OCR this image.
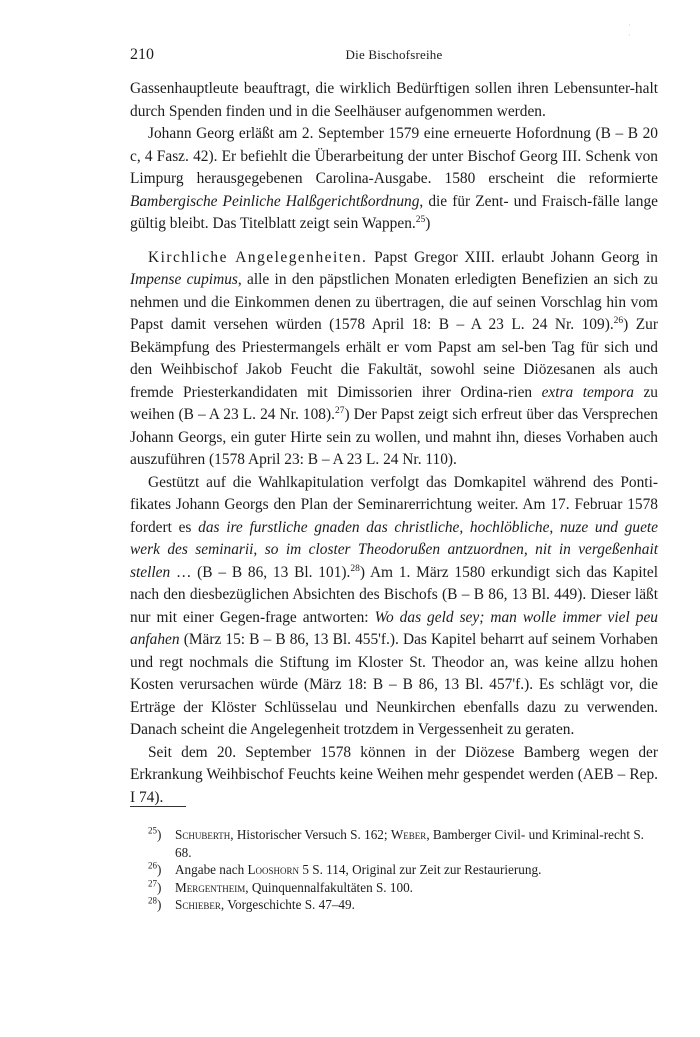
· ·
210	Die Bischofsreihe

Gassenhauptleute beauftragt, die wirklich Bedürftigen sollen ihren Lebensunter-halt durch Spenden finden und in die Seelhäuser aufgenommen werden.

Johann Georg erläßt am 2. September 1579 eine erneuerte Hofordnung (B – B 20 c, 4 Fasz. 42). Er befiehlt die Überarbeitung der unter Bischof Georg III. Schenk von Limpurg herausgegebenen Carolina-Ausgabe. 1580 erscheint die reformierte Bambergische Peinliche Halßgerichtßordnung, die für Zent- und Fraisch-fälle lange gültig bleibt. Das Titelblatt zeigt sein Wappen.$^{25}$)

Kirchliche Angelegenheiten. Papst Gregor XIII. erlaubt Johann Georg in Impense cupimus, alle in den päpstlichen Monaten erledigten Benefizien an sich zu nehmen und die Einkommen denen zu übertragen, die auf seinen Vorschlag hin vom Papst damit versehen würden (1578 April 18: B – A 23 L. 24 Nr. 109).$^{26}$) Zur Bekämpfung des Priestermangels erhält er vom Papst am sel-ben Tag für sich und den Weihbischof Jakob Feucht die Fakultät, sowohl seine Diözesanen als auch fremde Priesterkandidaten mit Dimissorien ihrer Ordina-rien extra tempora zu weihen (B – A 23 L. 24 Nr. 108).$^{27}$) Der Papst zeigt sich erfreut über das Versprechen Johann Georgs, ein guter Hirte sein zu wollen, und mahnt ihn, dieses Vorhaben auch auszuführen (1578 April 23: B – A 23 L. 24 Nr. 110).

Gestützt auf die Wahlkapitulation verfolgt das Domkapitel während des Ponti-fikates Johann Georgs den Plan der Seminarerrichtung weiter. Am 17. Februar 1578 fordert es das ire furstliche gnaden das christliche, hochlöbliche, nuze und guete werk des seminarii, so im closter Theodorußen antzuordnen, nit in vergeßenhait stellen … (B – B 86, 13 Bl. 101).$^{28}$) Am 1. März 1580 erkundigt sich das Kapitel nach den diesbezüglichen Absichten des Bischofs (B – B 86, 13 Bl. 449). Dieser läßt nur mit einer Gegen-frage antworten: Wo das geld sey; man wolle immer viel peu anfahen (März 15: B – B 86, 13 Bl. 455'f.). Das Kapitel beharrt auf seinem Vorhaben und regt nochmals die Stiftung im Kloster St. Theodor an, was keine allzu hohen Kosten verursachen würde (März 18: B – B 86, 13 Bl. 457'f.). Es schlägt vor, die Erträge der Klöster Schlüsselau und Neunkirchen ebenfalls dazu zu verwenden. Danach scheint die Angelegenheit trotzdem in Vergessenheit zu geraten.

Seit dem 20. September 1578 können in der Diözese Bamberg wegen der Erkrankung Weihbischof Feuchts keine Weihen mehr gespendet werden (AEB – Rep. I 74).

$^{25}$) Schuberth, Historischer Versuch S. 162; Weber, Bamberger Civil- und Kriminal-recht S. 68.

$^{26}$) Angabe nach Looshorn 5 S. 114, Original zur Zeit zur Restaurierung.

$^{27}$) Mergentheim, Quinquennalfakultäten S. 100.

$^{28}$) Schieber, Vorgeschichte S. 47–49.
